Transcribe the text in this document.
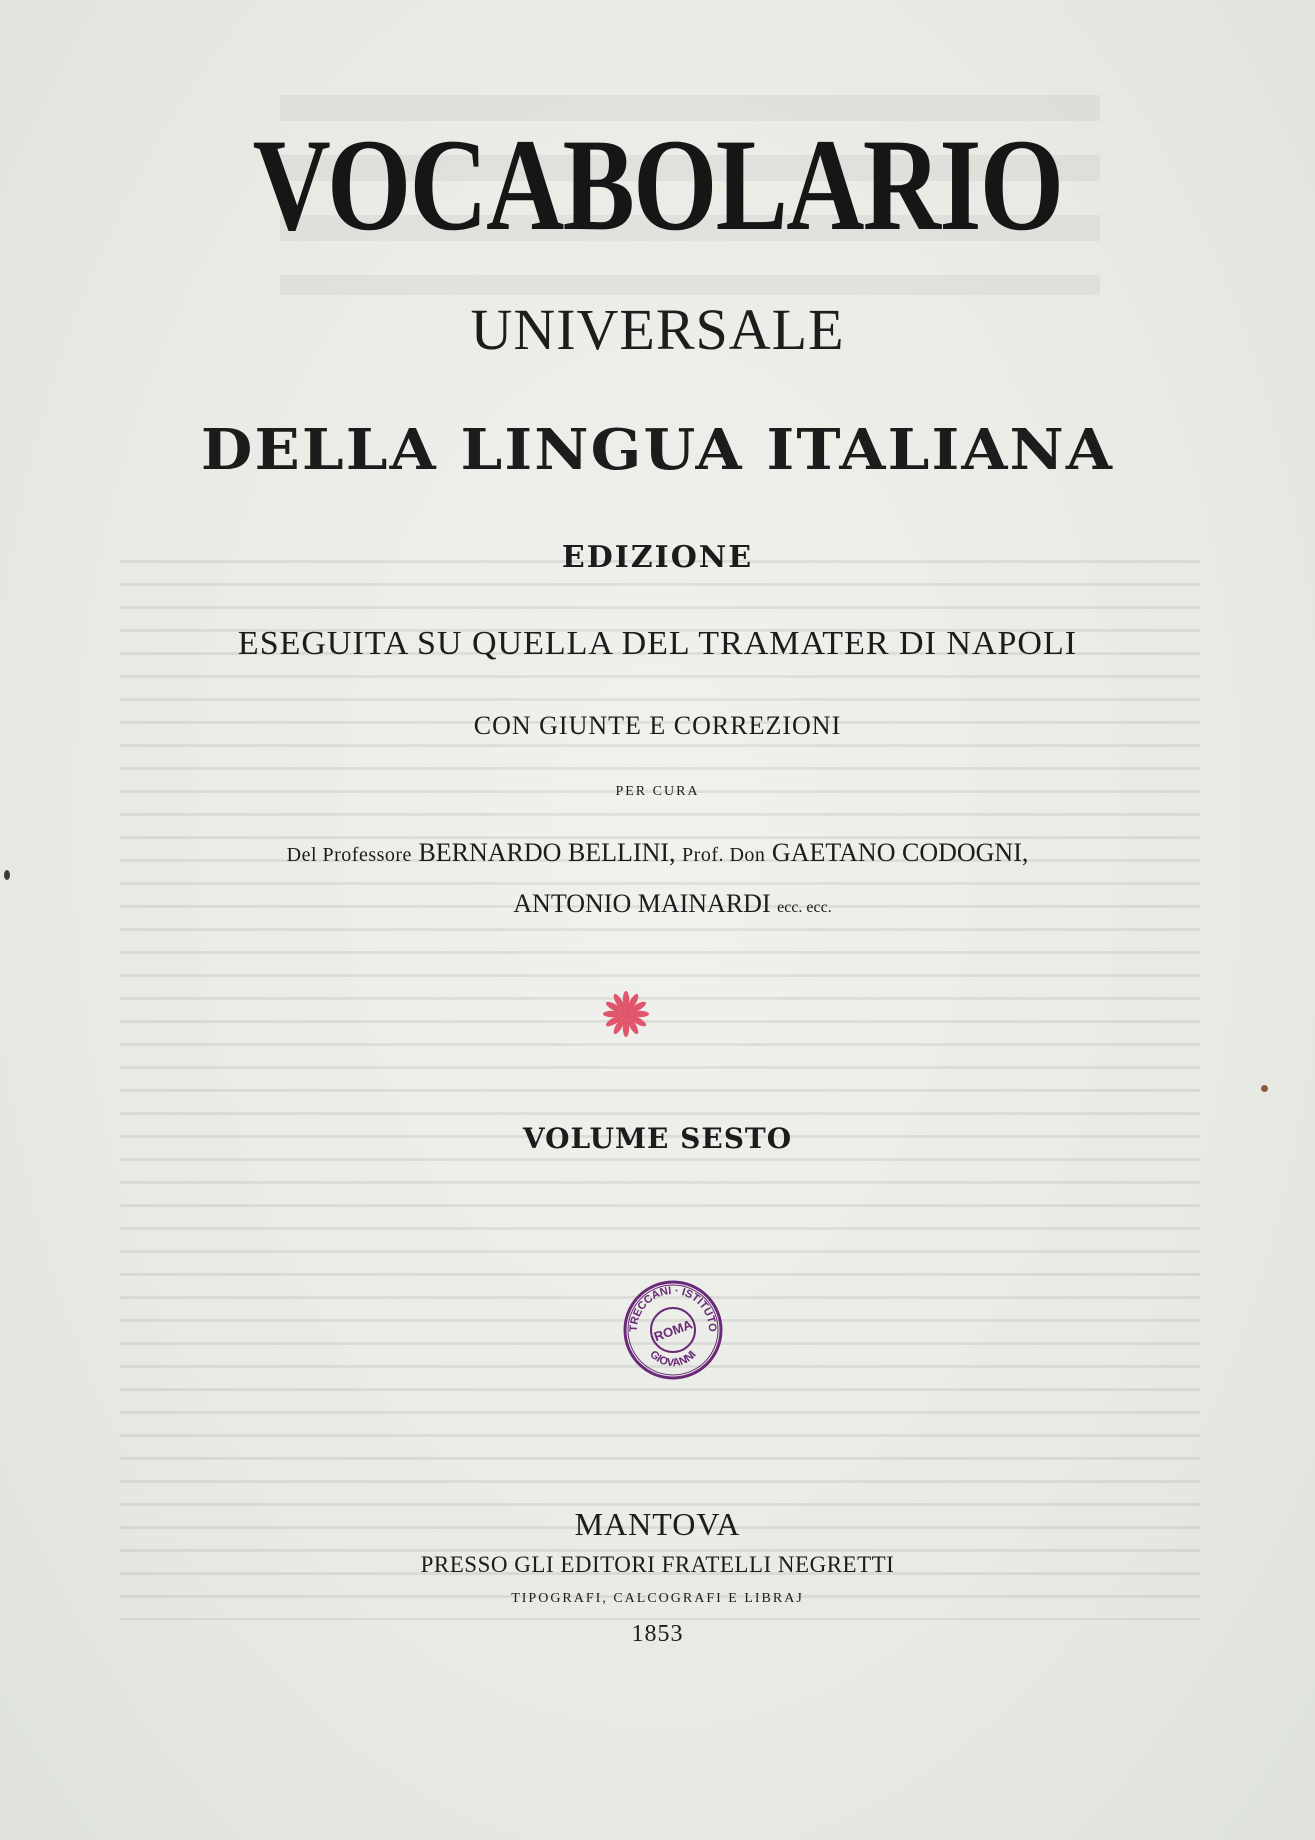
VOCABOLARIO
UNIVERSALE
DELLA LINGUA ITALIANA
EDIZIONE
ESEGUITA SU QUELLA DEL TRAMATER DI NAPOLI
CON GIUNTE E CORREZIONI
PER CURA
Del Professore BERNARDO BELLINI, Prof. Don GAETANO CODOGNI,
ANTONIO MAINARDI ecc. ecc.
VOLUME SESTO
TRECCANI · ISTITUTO
GIOVANNI
ROMA
MANTOVA
PRESSO GLI EDITORI FRATELLI NEGRETTI
TIPOGRAFI, CALCOGRAFI E LIBRAJ
1853
